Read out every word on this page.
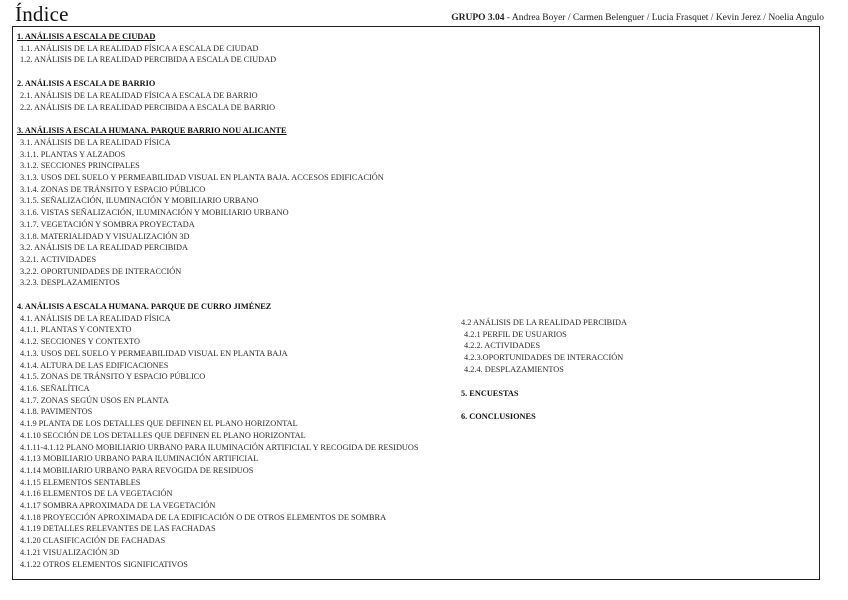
Índice	GRUPO 3.04 - Andrea Boyer / Carmen Belenguer / Lucia Frasquet / Kevin Jerez / Noelia Angulo
1. ANÁLISIS A ESCALA DE CIUDAD
1.1. ANÁLISIS DE LA REALIDAD FÍSICA A ESCALA DE CIUDAD
1.2. ANÁLISIS DE LA REALIDAD PERCIBIDA A ESCALA DE CIUDAD
2. ANÁLISIS A ESCALA DE BARRIO
2.1. ANÁLISIS DE LA REALIDAD FÍSICA A ESCALA DE BARRIO
2.2. ANÁLISIS DE LA REALIDAD PERCIBIDA A ESCALA DE BARRIO
3. ANÁLISIS A ESCALA HUMANA. PARQUE BARRIO NOU ALICANTE
3.1. ANÁLISIS DE LA REALIDAD FÍSICA
3.1.1. PLANTAS Y ALZADOS
3.1.2. SECCIONES PRINCIPALES
3.1.3. USOS DEL SUELO Y PERMEABILIDAD VISUAL EN PLANTA BAJA. ACCESOS EDIFICACIÓN
3.1.4. ZONAS DE TRÁNSITO Y ESPACIO PÚBLICO
3.1.5. SEÑALIZACIÓN, ILUMINACIÓN Y MOBILIARIO URBANO
3.1.6. VISTAS SEÑALIZACIÓN, ILUMINACIÓN Y MOBILIARIO URBANO
3.1.7. VEGETACIÓN Y SOMBRA PROYECTADA
3.1.8. MATERIALIDAD Y VISUALIZACIÓN 3D
3.2. ANÁLISIS DE LA REALIDAD PERCIBIDA
3.2.1. ACTIVIDADES
3.2.2. OPORTUNIDADES DE INTERACCIÓN
3.2.3. DESPLAZAMIENTOS
4. ANÁLISIS A ESCALA HUMANA. PARQUE DE CURRO JIMÉNEZ
4.1. ANÁLISIS DE LA REALIDAD FÍSICA
4.1.1. PLANTAS Y CONTEXTO
4.1.2. SECCIONES Y CONTEXTO
4.1.3. USOS DEL SUELO Y PERMEABILIDAD VISUAL EN PLANTA BAJA
4.1.4. ALTURA DE LAS EDIFICACIONES
4.1.5. ZONAS DE TRÁNSITO Y ESPACIO PÚBLICO
4.1.6. SEÑALÍTICA
4.1.7. ZONAS SEGÚN USOS EN PLANTA
4.1.8. PAVIMENTOS
4.1.9 PLANTA DE LOS DETALLES QUE DEFINEN EL PLANO HORIZONTAL
4.1.10 SECCIÓN DE LOS DETALLES QUE DEFINEN EL PLANO HORIZONTAL
4.1.11-4.1.12 PLANO MOBILIARIO URBANO PARA ILUMINACIÓN ARTIFICIAL Y RECOGIDA DE RESIDUOS
4.1.13 MOBILIARIO URBANO PARA ILUMINACIÓN ARTIFICIAL
4.1.14 MOBILIARIO URBANO PARA REVOGIDA DE RESIDUOS
4.1.15 ELEMENTOS SENTABLES
4.1.16 ELEMENTOS DE LA VEGETACIÓN
4.1.17 SOMBRA APROXIMADA DE LA VEGETACIÓN
4.1.18 PROYECCIÓN APROXIMADA DE LA EDIFICACIÓN O DE OTROS ELEMENTOS DE SOMBRA
4.1.19 DETALLES RELEVANTES DE LAS FACHADAS
4.1.20 CLASIFICACIÓN DE FACHADAS
4.1.21 VISUALIZACIÓN 3D
4.1.22 OTROS ELEMENTOS SIGNIFICATIVOS
4.2 ANÁLISIS DE LA REALIDAD PERCIBIDA
4.2.1 PERFIL DE USUARIOS
4.2.2. ACTIVIDADES
4.2.3.OPORTUNIDADES DE INTERACCIÓN
4.2.4. DESPLAZAMIENTOS
5. ENCUESTAS
6. CONCLUSIONES
